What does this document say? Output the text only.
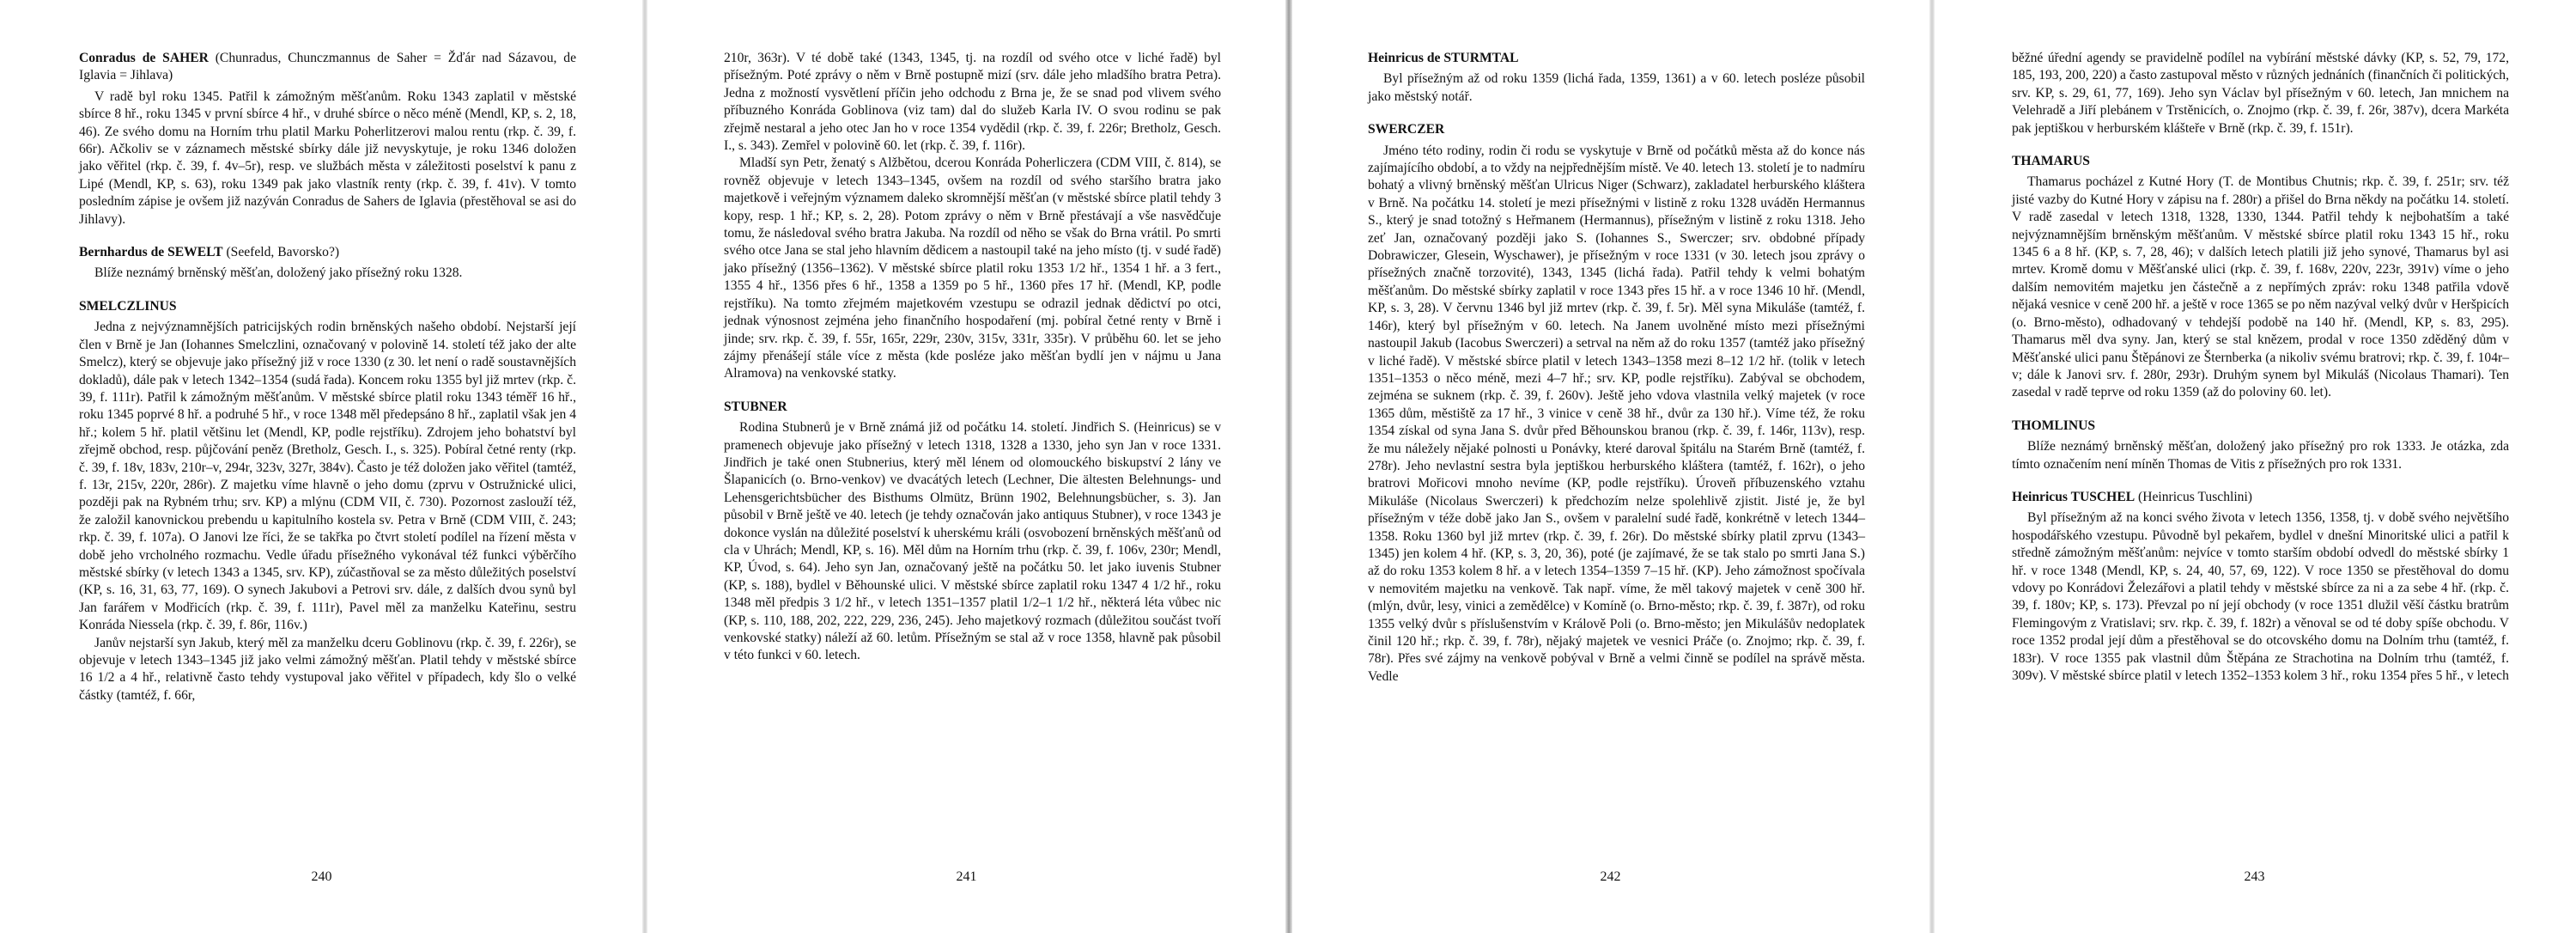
Conradus de SAHER (Chunradus, Chunczmannus de Saher = Žďár nad Sázavou, de Iglavia = Jihlava)

V radě byl roku 1345. Patřil k zámožným měšťanům. Roku 1343 zaplatil v městské sbírce 8 hř., roku 1345 v první sbírce 4 hř., v druhé sbírce o něco méně (Mendl, KP, s. 2, 18, 46). Ze svého domu na Horním trhu platil Marku Poherlitzerovi malou rentu (rkp. č. 39, f. 66r). Ačkoliv se v záznamech městské sbírky dále již nevyskytuje, je roku 1346 doložen jako věřitel (rkp. č. 39, f. 4v–5r), resp. ve službách města v záležitosti poselství k panu z Lipé (Mendl, KP, s. 63), roku 1349 pak jako vlastník renty (rkp. č. 39, f. 41v). V tomto posledním zápise je ovšem již nazýván Conradus de Sahers de Iglavia (přestěhoval se asi do Jihlavy).

Bernhardus de SEWELT (Seefeld, Bavorsko?)

Blíže neznámý brněnský měšťan, doložený jako přísežný roku 1328.

SMELCZLINUS

Jedna z nejvýznamnějších patricijských rodin brněnských našeho období. Nejstarší její člen v Brně je Jan (Iohannes Smelczlini, označovaný v polovině 14. století též jako der alte Smelcz), který se objevuje jako přísežný již v roce 1330 (z 30. let není o radě soustavnějších dokladů), dále pak v letech 1342–1354 (sudá řada). Koncem roku 1355 byl již mrtev (rkp. č. 39, f. 111r). Patřil k zámožným měšťanům. V městské sbírce platil roku 1343 téměř 16 hř., roku 1345 poprvé 8 hř. a podruhé 5 hř., v roce 1348 měl předepsáno 8 hř., zaplatil však jen 4 hř.; kolem 5 hř. platil většinu let (Mendl, KP, podle rejstříku). Zdrojem jeho bohatství byl zřejmě obchod, resp. půjčování peněz (Bretholz, Gesch. I., s. 325). Pobíral četné renty (rkp. č. 39, f. 18v, 183v, 210r–v, 294r, 323v, 327r, 384v). Často je též doložen jako věřitel (tamtéž, f. 13r, 215v, 220r, 286r). Z majetku víme hlavně o jeho domu (zprvu v Ostružnické ulici, později pak na Rybném trhu; srv. KP) a mlýnu (CDM VII, č. 730). Pozornost zaslouží též, že založil kanovnickou prebendu u kapitulního kostela sv. Petra v Brně (CDM VIII, č. 243; rkp. č. 39, f. 107a). O Janovi lze říci, že se takřka po čtvrt století podílel na řízení města v době jeho vrcholného rozmachu. Vedle úřadu přísežného vykonával též funkci výběrčího městské sbírky (v letech 1343 a 1345, srv. KP), zúčastňoval se za město důležitých poselství (KP, s. 16, 31, 63, 77, 169). O synech Jakubovi a Petrovi srv. dále, z dalších dvou synů byl Jan farářem v Modřicích (rkp. č. 39, f. 111r), Pavel měl za manželku Kateřinu, sestru Konráda Niessela (rkp. č. 39, f. 86r, 116v.)

Janův nejstarší syn Jakub, který měl za manželku dceru Goblinovu (rkp. č. 39, f. 226r), se objevuje v letech 1343–1345 již jako velmi zámožný měšťan. Platil tehdy v městské sbírce 16 1/2 a 4 hř., relativně často tehdy vystupoval jako věřitel v případech, kdy šlo o velké částky (tamtéž, f. 66r,

240

210r, 363r). V té době také (1343, 1345, tj. na rozdíl od svého otce v liché řadě) byl přísežným. Poté zprávy o něm v Brně postupně mizí (srv. dále jeho mladšího bratra Petra). Jedna z možností vysvětlení příčin jeho odchodu z Brna je, že se snad pod vlivem svého příbuzného Konráda Goblinova (viz tam) dal do služeb Karla IV. O svou rodinu se pak zřejmě nestaral a jeho otec Jan ho v roce 1354 vydědil (rkp. č. 39, f. 226r; Bretholz, Gesch. I., s. 343). Zemřel v polovině 60. let (rkp. č. 39, f. 116r).

Mladší syn Petr, ženatý s Alžbětou, dcerou Konráda Poherliczera (CDM VIII, č. 814), se rovněž objevuje v letech 1343–1345, ovšem na rozdíl od svého staršího bratra jako majetkově i veřejným významem daleko skromnější měšťan (v městské sbírce platil tehdy 3 kopy, resp. 1 hř.; KP, s. 2, 28). Potom zprávy o něm v Brně přestávají a vše nasvědčuje tomu, že následoval svého bratra Jakuba. Na rozdíl od něho se však do Brna vrátil. Po smrti svého otce Jana se stal jeho hlavním dědicem a nastoupil také na jeho místo (tj. v sudé řadě) jako přísežný (1356–1362). V městské sbírce platil roku 1353 1/2 hř., 1354 1 hř. a 3 fert., 1355 4 hř., 1356 přes 6 hř., 1358 a 1359 po 5 hř., 1360 přes 17 hř. (Mendl, KP, podle rejstříku). Na tomto zřejmém majetkovém vzestupu se odrazil jednak dědictví po otci, jednak výnosnost zejména jeho finančního hospodaření (mj. pobíral četné renty v Brně i jinde; srv. rkp. č. 39, f. 55r, 165r, 229r, 230v, 315v, 331r, 335r). V průběhu 60. let se jeho zájmy přenášejí stále více z města (kde posléze jako měšťan bydlí jen v nájmu u Jana Alramova) na venkovské statky.

STUBNER

Rodina Stubnerů je v Brně známá již od počátku 14. století. Jindřich S. (Heinricus) se v pramenech objevuje jako přísežný v letech 1318, 1328 a 1330, jeho syn Jan v roce 1331. Jindřich je také onen Stubnerius, který měl lénem od olomouckého biskupství 2 lány ve Šlapanicích (o. Brno-venkov) ve dvacátých letech (Lechner, Die ältesten Belehnungs- und Lehensgerichtsbücher des Bisthums Olmütz, Brünn 1902, Belehnungsbücher, s. 3). Jan působil v Brně ještě ve 40. letech (je tehdy označován jako antiquus Stubner), v roce 1343 je dokonce vyslán na důležité poselství k uherskému králi (osvobození brněnských měšťanů od cla v Uhrách; Mendl, KP, s. 16). Měl dům na Horním trhu (rkp. č. 39, f. 106v, 230r; Mendl, KP, Úvod, s. 64). Jeho syn Jan, označovaný ještě na počátku 50. let jako iuvenis Stubner (KP, s. 188), bydlel v Běhounské ulici. V městské sbírce zaplatil roku 1347 4 1/2 hř., roku 1348 měl předpis 3 1/2 hř., v letech 1351–1357 platil 1/2–1 1/2 hř., některá léta vůbec nic (KP, s. 110, 188, 202, 222, 229, 236, 245). Jeho majetkový rozmach (důležitou součást tvoří venkovské statky) náleží až 60. letům. Přísežným se stal až v roce 1358, hlavně pak působil v této funkci v 60. letech.

241

Heinricus de STURMTAL

Byl přísežným až od roku 1359 (lichá řada, 1359, 1361) a v 60. letech posléze působil jako městský notář.

SWERCZER

Jméno této rodiny, rodin či rodu se vyskytuje v Brně od počátků města až do konce nás zajímajícího období, a to vždy na nejpřednějším místě. Ve 40. letech 13. století je to nadmíru bohatý a vlivný brněnský měšťan Ulricus Niger (Schwarz), zakladatel herburského kláštera v Brně. Na počátku 14. století je mezi přísežnými v listině z roku 1328 uváděn Hermannus S., který je snad totožný s Heřmanem (Hermannus), přísežným v listině z roku 1318. Jeho zeť Jan, označovaný později jako S. (Iohannes S., Swerczer; srv. obdobné případy Dobrawiczer, Glesein, Wyschawer), je přísežným v roce 1331 (v 30. letech jsou zprávy o přísežných značně torzovité), 1343, 1345 (lichá řada). Patřil tehdy k velmi bohatým měšťanům. Do městské sbírky zaplatil v roce 1343 přes 15 hř. a v roce 1346 10 hř. (Mendl, KP, s. 3, 28). V červnu 1346 byl již mrtev (rkp. č. 39, f. 5r). Měl syna Mikuláše (tamtéž, f. 146r), který byl přísežným v 60. letech. Na Janem uvolněné místo mezi přísežnými nastoupil Jakub (Iacobus Swerczeri) a setrval na něm až do roku 1357 (tamtéž jako přísežný v liché řadě). V městské sbírce platil v letech 1343–1358 mezi 8–12 1/2 hř. (tolik v letech 1351–1353 o něco méně, mezi 4–7 hř.; srv. KP, podle rejstříku). Zabýval se obchodem, zejména se suknem (rkp. č. 39, f. 260v). Ještě jeho vdova vlastnila velký majetek (v roce 1365 dům, městiště za 17 hř., 3 vinice v ceně 38 hř., dvůr za 130 hř.). Víme též, že roku 1354 získal od syna Jana S. dvůr před Běhounskou branou (rkp. č. 39, f. 146r, 113v), resp. že mu náležely nějaké polnosti u Ponávky, které daroval špitálu na Starém Brně (tamtéž, f. 278r). Jeho nevlastní sestra byla jeptiškou herburského kláštera (tamtéž, f. 162r), o jeho bratrovi Mořicovi mnoho nevíme (KP, podle rejstříku). Úroveň příbuzenského vztahu Mikuláše (Nicolaus Swerczeri) k předchozím nelze spolehlivě zjistit. Jisté je, že byl přísežným v téže době jako Jan S., ovšem v paralelní sudé řadě, konkrétně v letech 1344–1358. Roku 1360 byl již mrtev (rkp. č. 39, f. 26r). Do městské sbírky platil zprvu (1343–1345) jen kolem 4 hř. (KP, s. 3, 20, 36), poté (je zajímavé, že se tak stalo po smrti Jana S.) až do roku 1353 kolem 8 hř. a v letech 1354–1359 7–15 hř. (KP). Jeho zámožnost spočívala v nemovitém majetku na venkově. Tak např. víme, že měl takový majetek v ceně 300 hř. (mlýn, dvůr, lesy, vinici a zemědělce) v Komíně (o. Brno-město; rkp. č. 39, f. 387r), od roku 1355 velký dvůr s příslušenstvím v Králově Poli (o. Brno-město; jen Mikulášův nedoplatek činil 120 hř.; rkp. č. 39, f. 78r), nějaký majetek ve vesnici Práče (o. Znojmo; rkp. č. 39, f. 78r). Přes své zájmy na venkově pobýval v Brně a velmi činně se podílel na správě města. Vedle

242

běžné úřední agendy se pravidelně podílel na vybírání městské dávky (KP, s. 52, 79, 172, 185, 193, 200, 220) a často zastupoval město v různých jednáních (finančních či politických, srv. KP, s. 29, 61, 77, 169). Jeho syn Václav byl přísežným v 60. letech, Jan mnichem na Velehradě a Jiří plebánem v Trstěnicích, o. Znojmo (rkp. č. 39, f. 26r, 387v), dcera Markéta pak jeptiškou v herburském klášteře v Brně (rkp. č. 39, f. 151r).

THAMARUS

Thamarus pocházel z Kutné Hory (T. de Montibus Chutnis; rkp. č. 39, f. 251r; srv. též jisté vazby do Kutné Hory v zápisu na f. 280r) a přišel do Brna někdy na počátku 14. století. V radě zasedal v letech 1318, 1328, 1330, 1344. Patřil tehdy k nejbohatším a také nejvýznamnějším brněnským měšťanům. V městské sbírce platil roku 1343 15 hř., roku 1345 6 a 8 hř. (KP, s. 7, 28, 46); v dalších letech platili již jeho synové, Thamarus byl asi mrtev. Kromě domu v Měšťanské ulici (rkp. č. 39, f. 168v, 220v, 223r, 391v) víme o jeho dalším nemovitém majetku jen částečně a z nepřímých zpráv: roku 1348 patřila vdově nějaká vesnice v ceně 200 hř. a ještě v roce 1365 se po něm nazýval velký dvůr v Heršpicích (o. Brno-město), odhadovaný v tehdejší podobě na 140 hř. (Mendl, KP, s. 83, 295). Thamarus měl dva syny. Jan, který se stal knězem, prodal v roce 1350 zděděný dům v Měšťanské ulici panu Štěpánovi ze Šternberka (a nikoliv svému bratrovi; rkp. č. 39, f. 104r–v; dále k Janovi srv. f. 280r, 293r). Druhým synem byl Mikuláš (Nicolaus Thamari). Ten zasedal v radě teprve od roku 1359 (až do poloviny 60. let).

THOMLINUS

Blíže neznámý brněnský měšťan, doložený jako přísežný pro rok 1333. Je otázka, zda tímto označením není míněn Thomas de Vitis z přísežných pro rok 1331.

Heinricus TUSCHEL (Heinricus Tuschlini)

Byl přísežným až na konci svého života v letech 1356, 1358, tj. v době svého největšího hospodářského vzestupu. Původně byl pekařem, bydlel v dnešní Minoritské ulici a patřil k středně zámožným měšťanům: nejvíce v tomto starším období odvedl do městské sbírky 1 hř. v roce 1348 (Mendl, KP, s. 24, 40, 57, 69, 122). V roce 1350 se přestěhoval do domu vdovy po Konrádovi Železářovi a platil tehdy v městské sbírce za ni a za sebe 4 hř. (rkp. č. 39, f. 180v; KP, s. 173). Převzal po ní její obchody (v roce 1351 dlužil věší částku bratrům Flemingovým z Vratislavi; srv. rkp. č. 39, f. 182r) a věnoval se od té doby spíše obchodu. V roce 1352 prodal její dům a přestěhoval se do otcovského domu na Dolním trhu (tamtéž, f. 183r). V roce 1355 pak vlastnil dům Štěpána ze Strachotina na Dolním trhu (tamtéž, f. 309v). V městské sbírce platil v letech 1352–1353 kolem 3 hř., roku 1354 přes 5 hř., v letech

243
